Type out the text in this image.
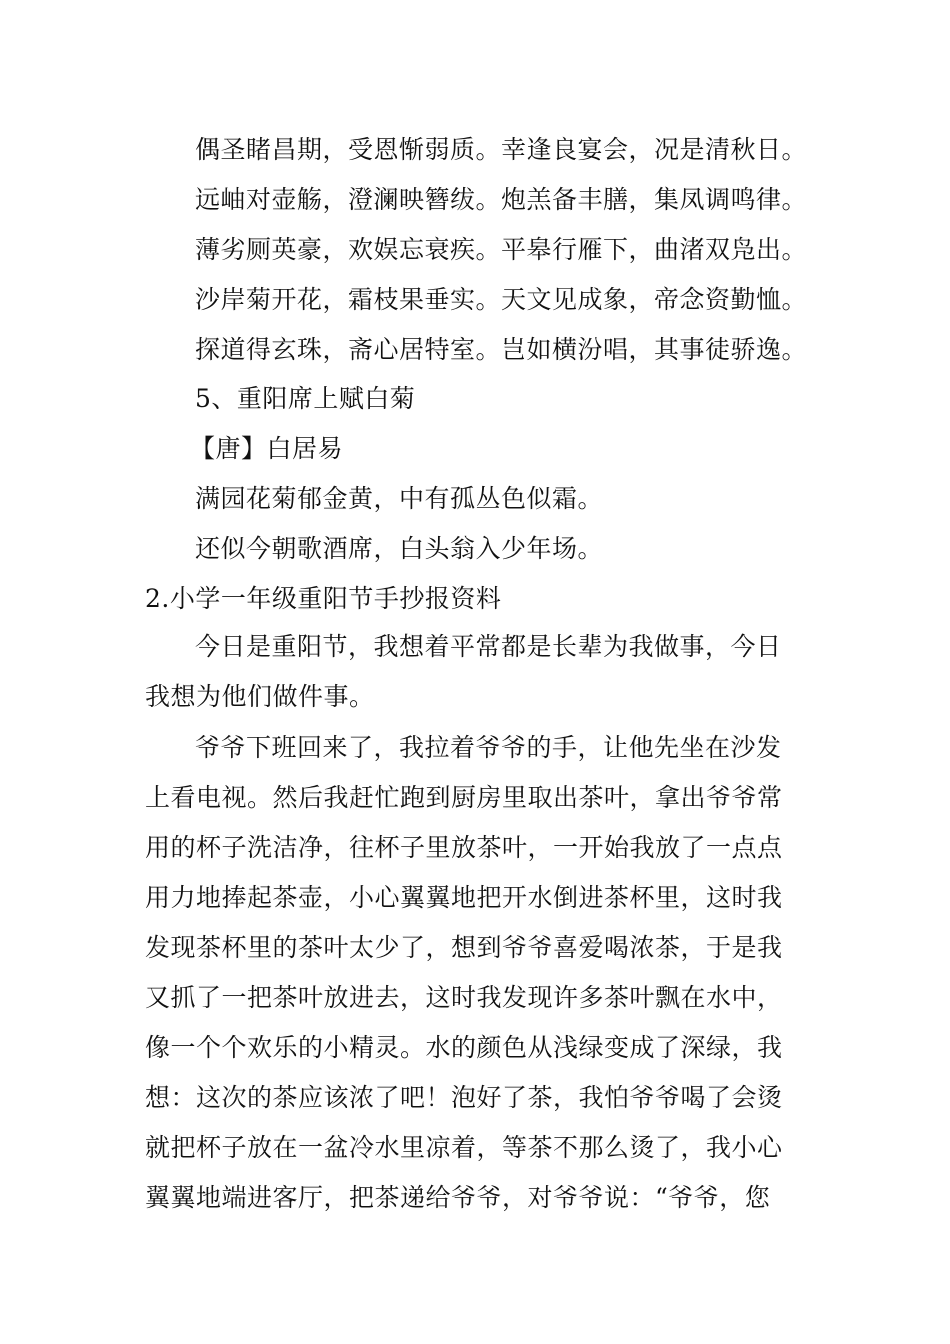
偶圣睹昌期，受恩惭弱质。幸逢良宴会，况是清秋日。
远岫对壶觞，澄澜映簪绂。炮羔备丰膳，集凤调鸣律。
薄劣厕英豪，欢娱忘衰疾。平皋行雁下，曲渚双凫出。
沙岸菊开花，霜枝果垂实。天文见成象，帝念资勤恤。
探道得玄珠，斋心居特室。岂如横汾唱，其事徒骄逸。
5、重阳席上赋白菊
【唐】白居易
满园花菊郁金黄，中有孤丛色似霜。
还似今朝歌酒席，白头翁入少年场。
2.小学一年级重阳节手抄报资料
今日是重阳节，我想着平常都是长辈为我做事，今日
我想为他们做件事。
爷爷下班回来了，我拉着爷爷的手，让他先坐在沙发
上看电视。然后我赶忙跑到厨房里取出茶叶，拿出爷爷常
用的杯子洗洁净，往杯子里放茶叶，一开始我放了一点点
用力地捧起茶壶，小心翼翼地把开水倒进茶杯里，这时我
发现茶杯里的茶叶太少了，想到爷爷喜爱喝浓茶，于是我
又抓了一把茶叶放进去，这时我发现许多茶叶飘在水中，
像一个个欢乐的小精灵。水的颜色从浅绿变成了深绿，我
想：这次的茶应该浓了吧！泡好了茶，我怕爷爷喝了会烫
就把杯子放在一盆冷水里凉着，等茶不那么烫了，我小心
翼翼地端进客厅，把茶递给爷爷，对爷爷说：“爷爷，您
